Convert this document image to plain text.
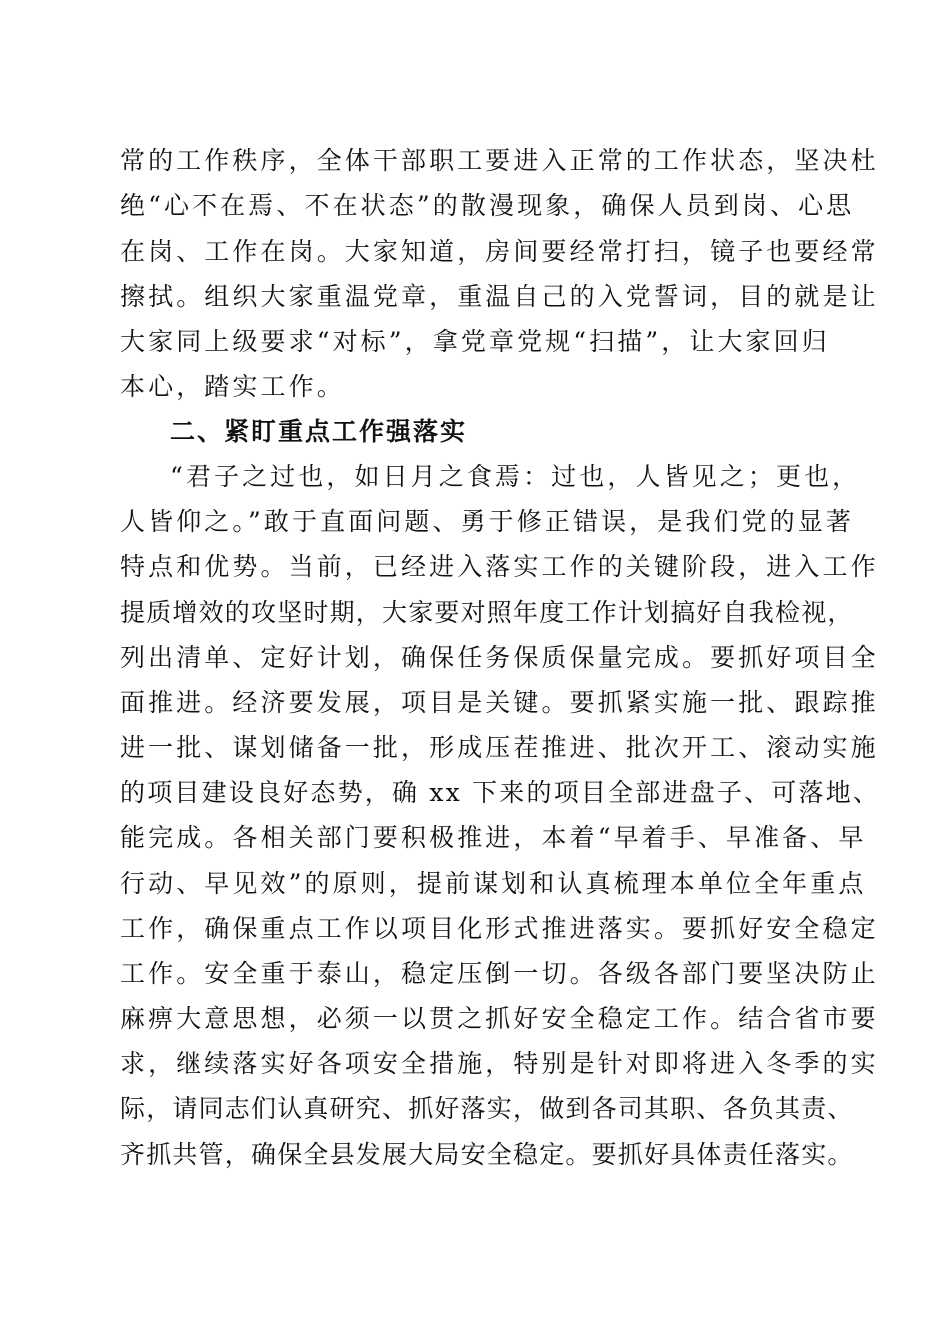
常的工作秩序，全体干部职工要进入正常的工作状态，坚决杜
绝“心不在焉、不在状态”的散漫现象，确保人员到岗、心思
在岗、工作在岗。大家知道，房间要经常打扫，镜子也要经常
擦拭。组织大家重温党章，重温自己的入党誓词，目的就是让
大家同上级要求“对标”，拿党章党规“扫描”，让大家回归
本心，踏实工作。
二、紧盯重点工作强落实
“君子之过也，如日月之食焉：过也，人皆见之；更也，
人皆仰之。”敢于直面问题、勇于修正错误，是我们党的显著
特点和优势。当前，已经进入落实工作的关键阶段，进入工作
提质增效的攻坚时期，大家要对照年度工作计划搞好自我检视，
列出清单、定好计划，确保任务保质保量完成。要抓好项目全
面推进。经济要发展，项目是关键。要抓紧实施一批、跟踪推
进一批、谋划储备一批，形成压茬推进、批次开工、滚动实施
的项目建设良好态势，确 xx 下来的项目全部进盘子、可落地、
能完成。各相关部门要积极推进，本着“早着手、早准备、早
行动、早见效”的原则，提前谋划和认真梳理本单位全年重点
工作，确保重点工作以项目化形式推进落实。要抓好安全稳定
工作。安全重于泰山，稳定压倒一切。各级各部门要坚决防止
麻痹大意思想，必须一以贯之抓好安全稳定工作。结合省市要
求，继续落实好各项安全措施，特别是针对即将进入冬季的实
际，请同志们认真研究、抓好落实，做到各司其职、各负其责、
齐抓共管，确保全县发展大局安全稳定。要抓好具体责任落实。
